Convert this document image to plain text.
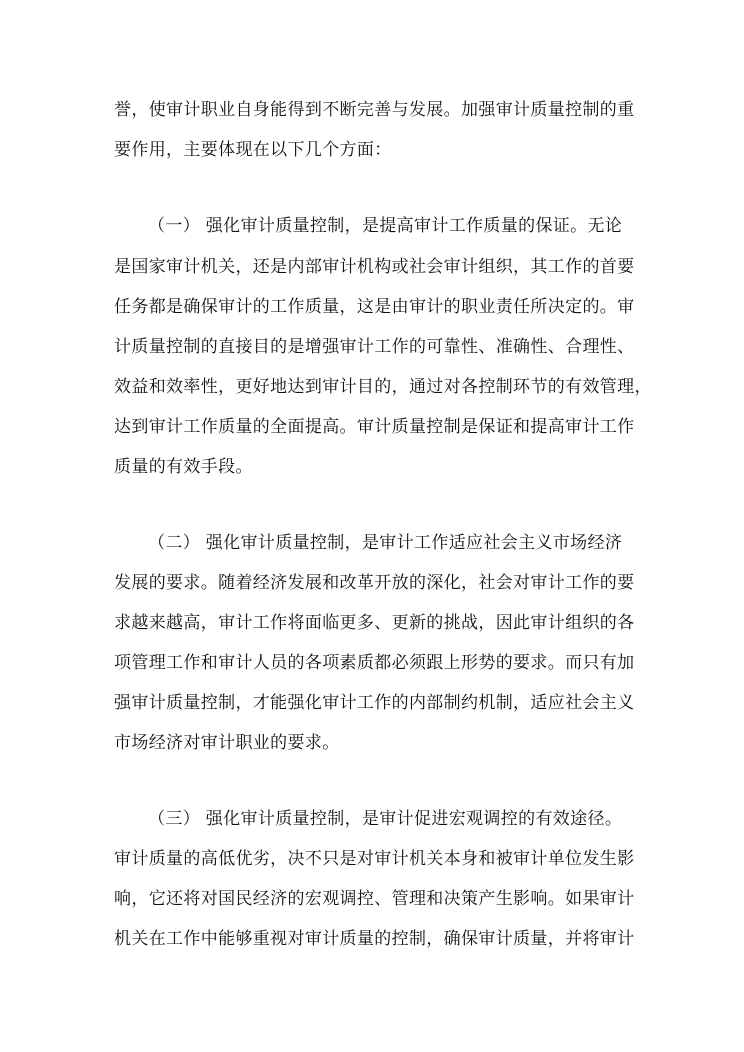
誉，使审计职业自身能得到不断完善与发展。加强审计质量控制的重
要作用，主要体现在以下几个方面：
（一） 强化审计质量控制，是提高审计工作质量的保证。无论
是国家审计机关，还是内部审计机构或社会审计组织，其工作的首要
任务都是确保审计的工作质量，这是由审计的职业责任所决定的。审
计质量控制的直接目的是增强审计工作的可靠性、准确性、合理性、
效益和效率性，更好地达到审计目的，通过对各控制环节的有效管理，
达到审计工作质量的全面提高。审计质量控制是保证和提高审计工作
质量的有效手段。
（二） 强化审计质量控制，是审计工作适应社会主义市场经济
发展的要求。随着经济发展和改革开放的深化，社会对审计工作的要
求越来越高，审计工作将面临更多、更新的挑战，因此审计组织的各
项管理工作和审计人员的各项素质都必须跟上形势的要求。而只有加
强审计质量控制，才能强化审计工作的内部制约机制，适应社会主义
市场经济对审计职业的要求。
（三） 强化审计质量控制，是审计促进宏观调控的有效途径。
审计质量的高低优劣，决不只是对审计机关本身和被审计单位发生影
响，它还将对国民经济的宏观调控、管理和决策产生影响。如果审计
机关在工作中能够重视对审计质量的控制，确保审计质量，并将审计
